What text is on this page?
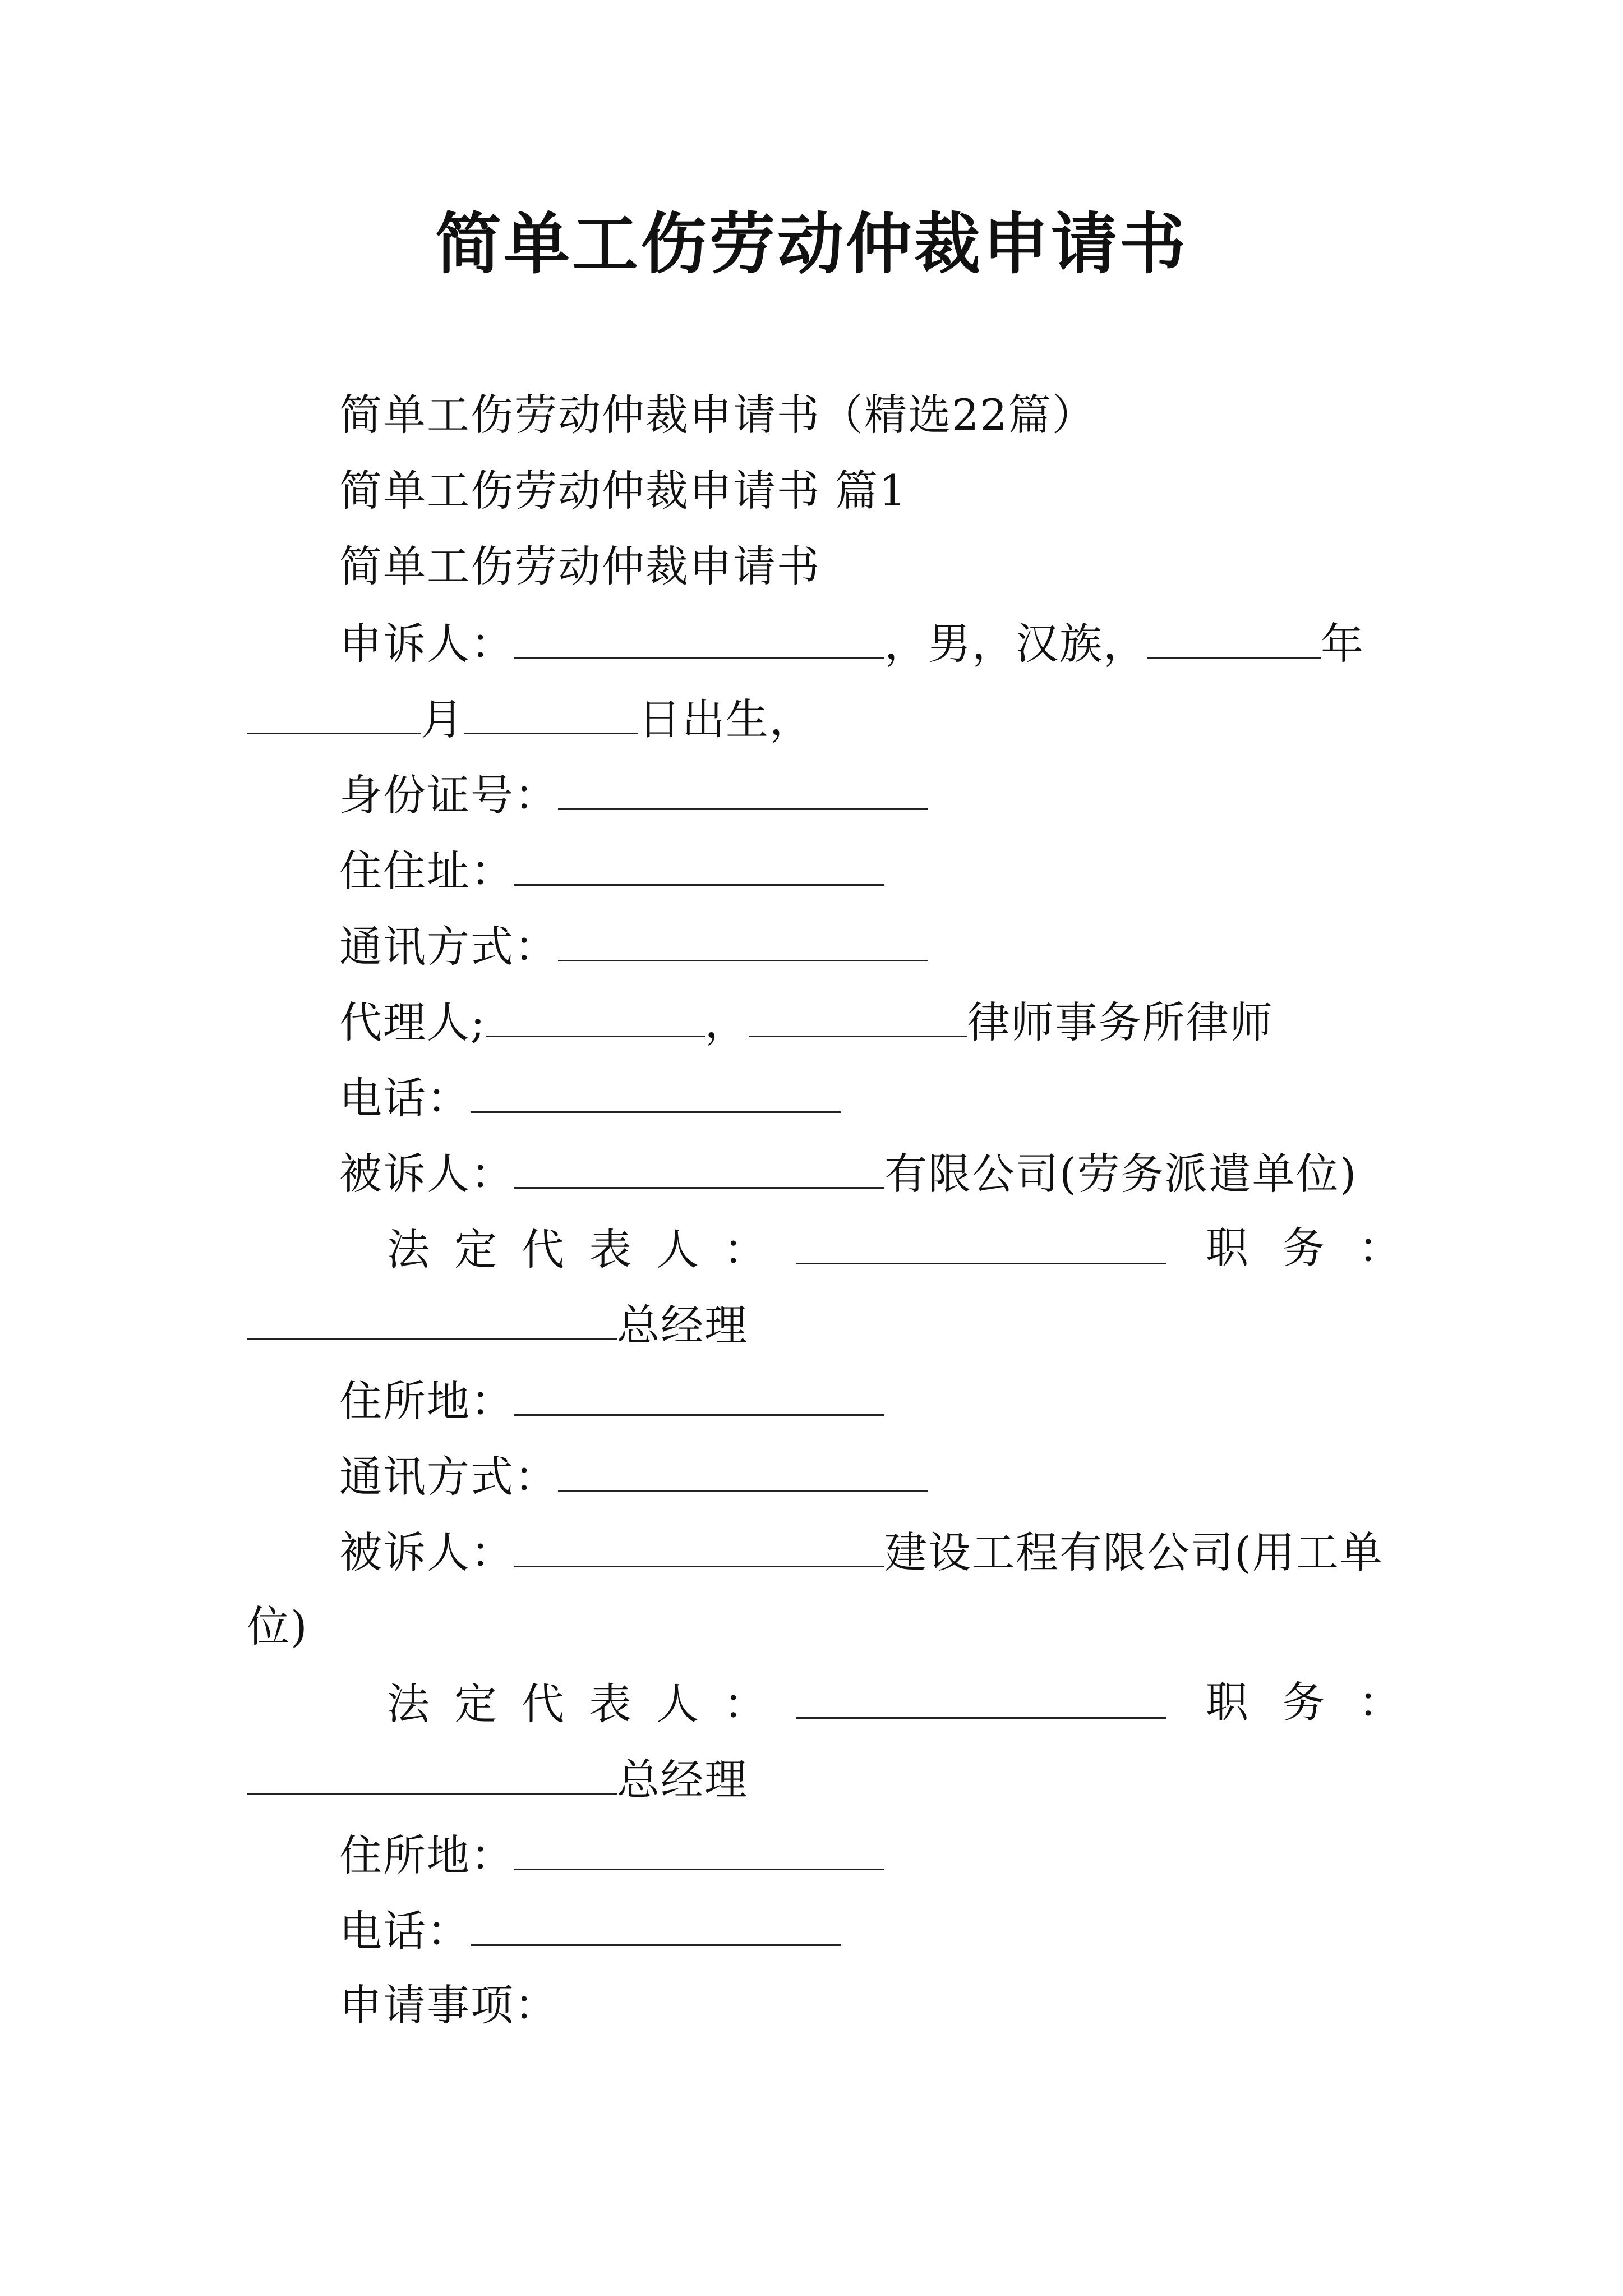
简单工伤劳动仲裁申请书
简单工伤劳动仲裁申请书（精选22篇）
简单工伤劳动仲裁申请书 篇1
简单工伤劳动仲裁申请书
申诉人：	，男，汉族，	年
月	日出生，
身份证号：
住住址：
通讯方式：
代理人;	，	律师事务所律师
电话：
被诉人：	有限公司(劳务派遣单位)
法定代表人：	职务：
总经理
住所地：
通讯方式：
被诉人：	建设工程有限公司(用工单
位)
法定代表人：	职务：
总经理
住所地：
电话：
申请事项：
